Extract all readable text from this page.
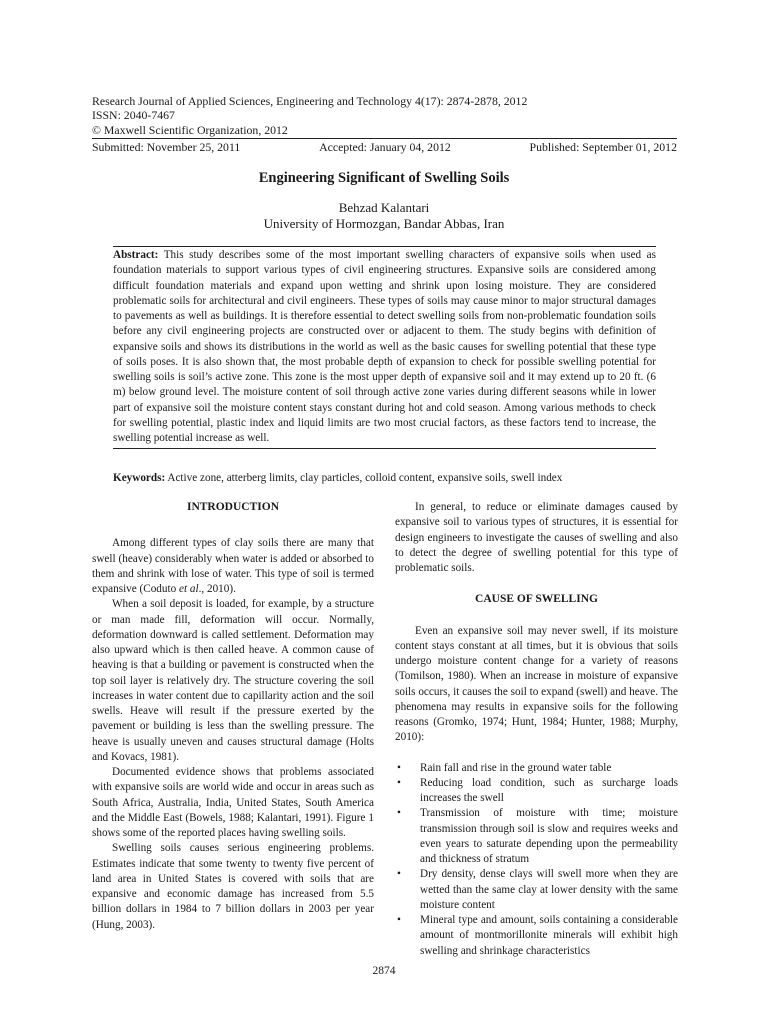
Research Journal of Applied Sciences, Engineering and Technology 4(17): 2874-2878, 2012
ISSN: 2040-7467
© Maxwell Scientific Organization, 2012
Submitted: November 25, 2011	Accepted: January 04, 2012	Published: September 01, 2012
Engineering Significant of Swelling Soils
Behzad Kalantari
University of Hormozgan, Bandar Abbas, Iran
Abstract: This study describes some of the most important swelling characters of expansive soils when used as foundation materials to support various types of civil engineering structures. Expansive soils are considered among difficult foundation materials and expand upon wetting and shrink upon losing moisture. They are considered problematic soils for architectural and civil engineers. These types of soils may cause minor to major structural damages to pavements as well as buildings. It is therefore essential to detect swelling soils from non-problematic foundation soils before any civil engineering projects are constructed over or adjacent to them. The study begins with definition of expansive soils and shows its distributions in the world as well as the basic causes for swelling potential that these type of soils poses. It is also shown that, the most probable depth of expansion to check for possible swelling potential for swelling soils is soil’s active zone. This zone is the most upper depth of expansive soil and it may extend up to 20 ft. (6 m) below ground level. The moisture content of soil through active zone varies during different seasons while in lower part of expansive soil the moisture content stays constant during hot and cold season. Among various methods to check for swelling potential, plastic index and liquid limits are two most crucial factors, as these factors tend to increase, the swelling potential increase as well.
Keywords: Active zone, atterberg limits, clay particles, colloid content, expansive soils, swell index
INTRODUCTION

Among different types of clay soils there are many that swell (heave) considerably when water is added or absorbed to them and shrink with lose of water. This type of soil is termed expansive (Coduto et al., 2010).

When a soil deposit is loaded, for example, by a structure or man made fill, deformation will occur. Normally, deformation downward is called settlement. Deformation may also upward which is then called heave. A common cause of heaving is that a building or pavement is constructed when the top soil layer is relatively dry. The structure covering the soil increases in water content due to capillarity action and the soil swells. Heave will result if the pressure exerted by the pavement or building is less than the swelling pressure. The heave is usually uneven and causes structural damage (Holts and Kovacs, 1981).

Documented evidence shows that problems associated with expansive soils are world wide and occur in areas such as South Africa, Australia, India, United States, South America and the Middle East (Bowels, 1988; Kalantari, 1991). Figure 1 shows some of the reported places having swelling soils.

Swelling soils causes serious engineering problems. Estimates indicate that some twenty to twenty five percent of land area in United States is covered with soils that are expansive and economic damage has increased from 5.5 billion dollars in 1984 to 7 billion dollars in 2003 per year (Hung, 2003).

In general, to reduce or eliminate damages caused by expansive soil to various types of structures, it is essential for design engineers to investigate the causes of swelling and also to detect the degree of swelling potential for this type of problematic soils.

CAUSE OF SWELLING

Even an expansive soil may never swell, if its moisture content stays constant at all times, but it is obvious that soils undergo moisture content change for a variety of reasons (Tomilson, 1980). When an increase in moisture of expansive soils occurs, it causes the soil to expand (swell) and heave. The phenomena may results in expansive soils for the following reasons (Gromko, 1974; Hunt, 1984; Hunter, 1988; Murphy, 2010):

• Rain fall and rise in the ground water table
• Reducing load condition, such as surcharge loads increases the swell
• Transmission of moisture with time; moisture transmission through soil is slow and requires weeks and even years to saturate depending upon the permeability and thickness of stratum
• Dry density, dense clays will swell more when they are wetted than the same clay at lower density with the same moisture content
• Mineral type and amount, soils containing a considerable amount of montmorillonite minerals will exhibit high swelling and shrinkage characteristics
2874
